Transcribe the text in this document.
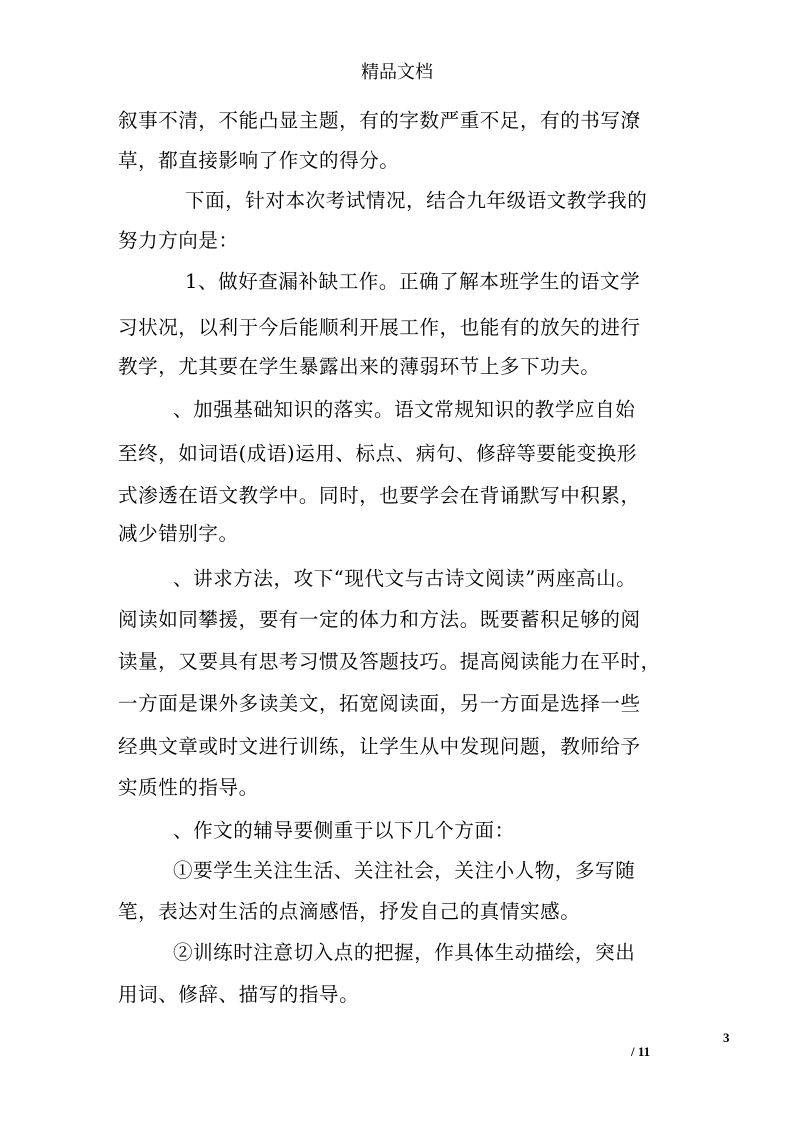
精品文档
叙事不清，不能凸显主题，有的字数严重不足，有的书写潦
草，都直接影响了作文的得分。
下面，针对本次考试情况，结合九年级语文教学我的
努力方向是：
1、做好查漏补缺工作。正确了解本班学生的语文学
习状况，以利于今后能顺利开展工作，也能有的放矢的进行
教学，尤其要在学生暴露出来的薄弱环节上多下功夫。
、加强基础知识的落实。语文常规知识的教学应自始
至终，如词语(成语)运用、标点、病句、修辞等要能变换形
式渗透在语文教学中。同时，也要学会在背诵默写中积累，
减少错别字。
、讲求方法，攻下“现代文与古诗文阅读”两座高山。
阅读如同攀援，要有一定的体力和方法。既要蓄积足够的阅
读量，又要具有思考习惯及答题技巧。提高阅读能力在平时，
一方面是课外多读美文，拓宽阅读面，另一方面是选择一些
经典文章或时文进行训练，让学生从中发现问题，教师给予
实质性的指导。
、作文的辅导要侧重于以下几个方面：
①要学生关注生活、关注社会，关注小人物，多写随
笔，表达对生活的点滴感悟，抒发自己的真情实感。
②训练时注意切入点的把握，作具体生动描绘，突出
用词、修辞、描写的指导。
3
/ 11
